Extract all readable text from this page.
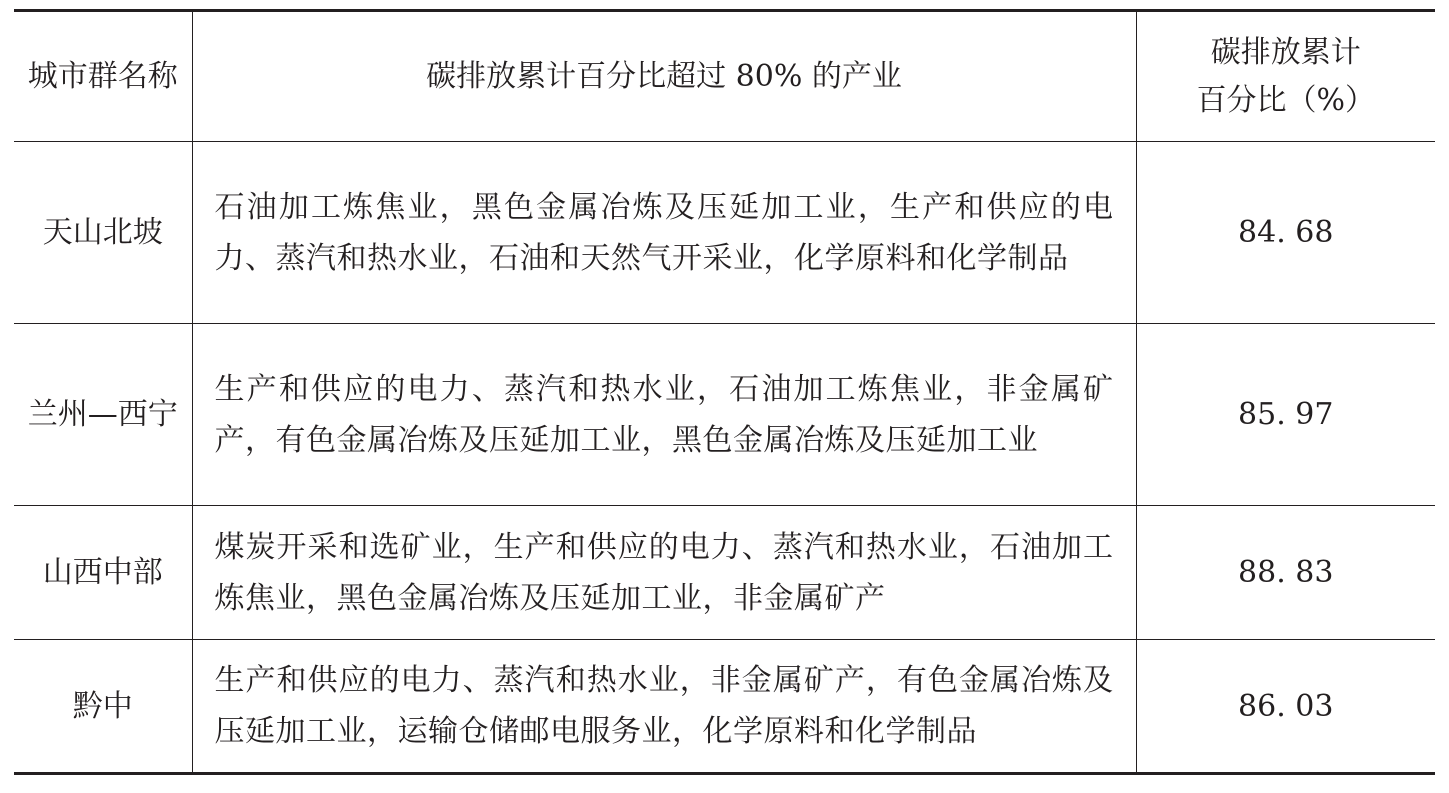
城市群名称	碳排放累计百分比超过 80% 的产业	碳排放累计
百分比（%）

天山北坡	石油加工炼焦业，黑色金属冶炼及压延加工业，生产和供应的电力、蒸汽和热水业，石油和天然气开采业，化学原料和化学制品	84. 68
兰州—西宁	生产和供应的电力、蒸汽和热水业，石油加工炼焦业，非金属矿产，有色金属冶炼及压延加工业，黑色金属冶炼及压延加工业	85. 97
山西中部	煤炭开采和选矿业，生产和供应的电力、蒸汽和热水业，石油加工炼焦业，黑色金属冶炼及压延加工业，非金属矿产	88. 83
黔中	生产和供应的电力、蒸汽和热水业，非金属矿产，有色金属冶炼及压延加工业，运输仓储邮电服务业，化学原料和化学制品	86. 03
